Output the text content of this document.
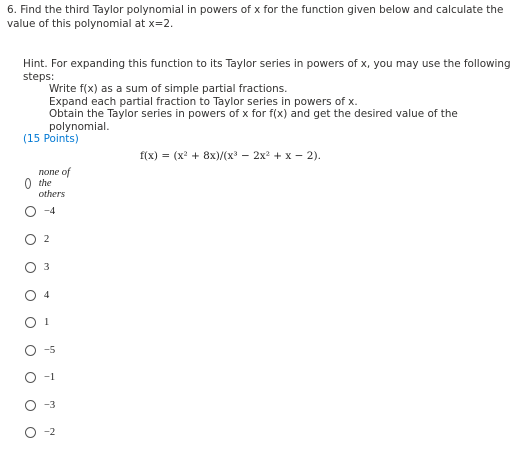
6. Find the third Taylor polynomial in powers of x for the function given below and calculate the
value of this polynomial at x=2.

Hint. For expanding this function to its Taylor series in powers of x, you may use the following steps:
Write f(x) as a sum of simple partial fractions.
Expand each partial fraction to Taylor series in powers of x.
Obtain the Taylor series in powers of x for f(x) and get the desired value of the polynomial.
(15 Points)
f(x) = (x² + 8x)/(x³ − 2x² + x − 2).
none of the others
−4
2
3
4
1
−5
−1
−3
−2
